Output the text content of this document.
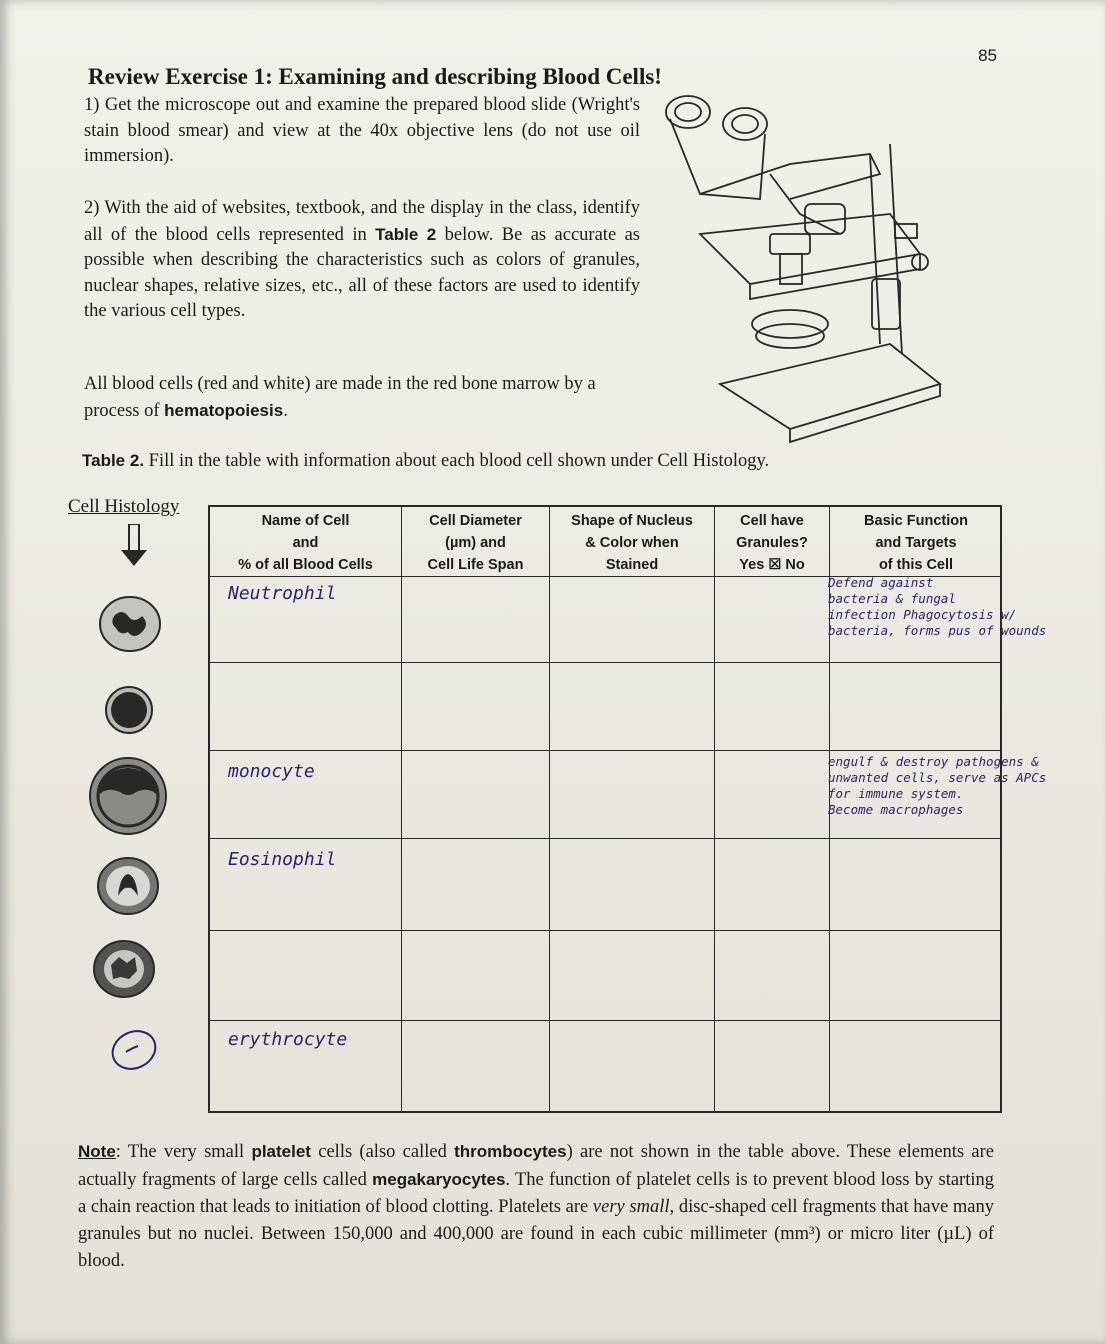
85
Review Exercise 1: Examining and describing Blood Cells!
1) Get the microscope out and examine the prepared blood slide (Wright's stain blood smear) and view at the 40x objective lens (do not use oil immersion).
2) With the aid of websites, textbook, and the display in the class, identify all of the blood cells represented in Table 2 below. Be as accurate as possible when describing the characteristics such as colors of granules, nuclear shapes, relative sizes, etc., all of these factors are used to identify the various cell types.
All blood cells (red and white) are made in the red bone marrow by a process of hematopoiesis.
Table 2. Fill in the table with information about each blood cell shown under Cell Histology.
Cell Histology
Name of Cell
and
% of all Blood Cells
Cell Diameter
(µm) and
Cell Life Span
Shape of Nucleus
& Color when
Stained
Cell have
Granules?
Yes ☒ No
Basic Function
and Targets
of this Cell
Neutrophil
monocyte
Eosinophil
erythrocyte
Defend against
bacteria & fungal
infection Phagocytosis w/
bacteria, forms pus of wounds
engulf & destroy pathogens &
unwanted cells, serve as APCs
for immune system.
Become macrophages
Note: The very small platelet cells (also called thrombocytes) are not shown in the table above. These elements are actually fragments of large cells called megakaryocytes. The function of platelet cells is to prevent blood loss by starting a chain reaction that leads to initiation of blood clotting. Platelets are very small, disc-shaped cell fragments that have many granules but no nuclei. Between 150,000 and 400,000 are found in each cubic millimeter (mm³) or micro liter (µL) of blood.
